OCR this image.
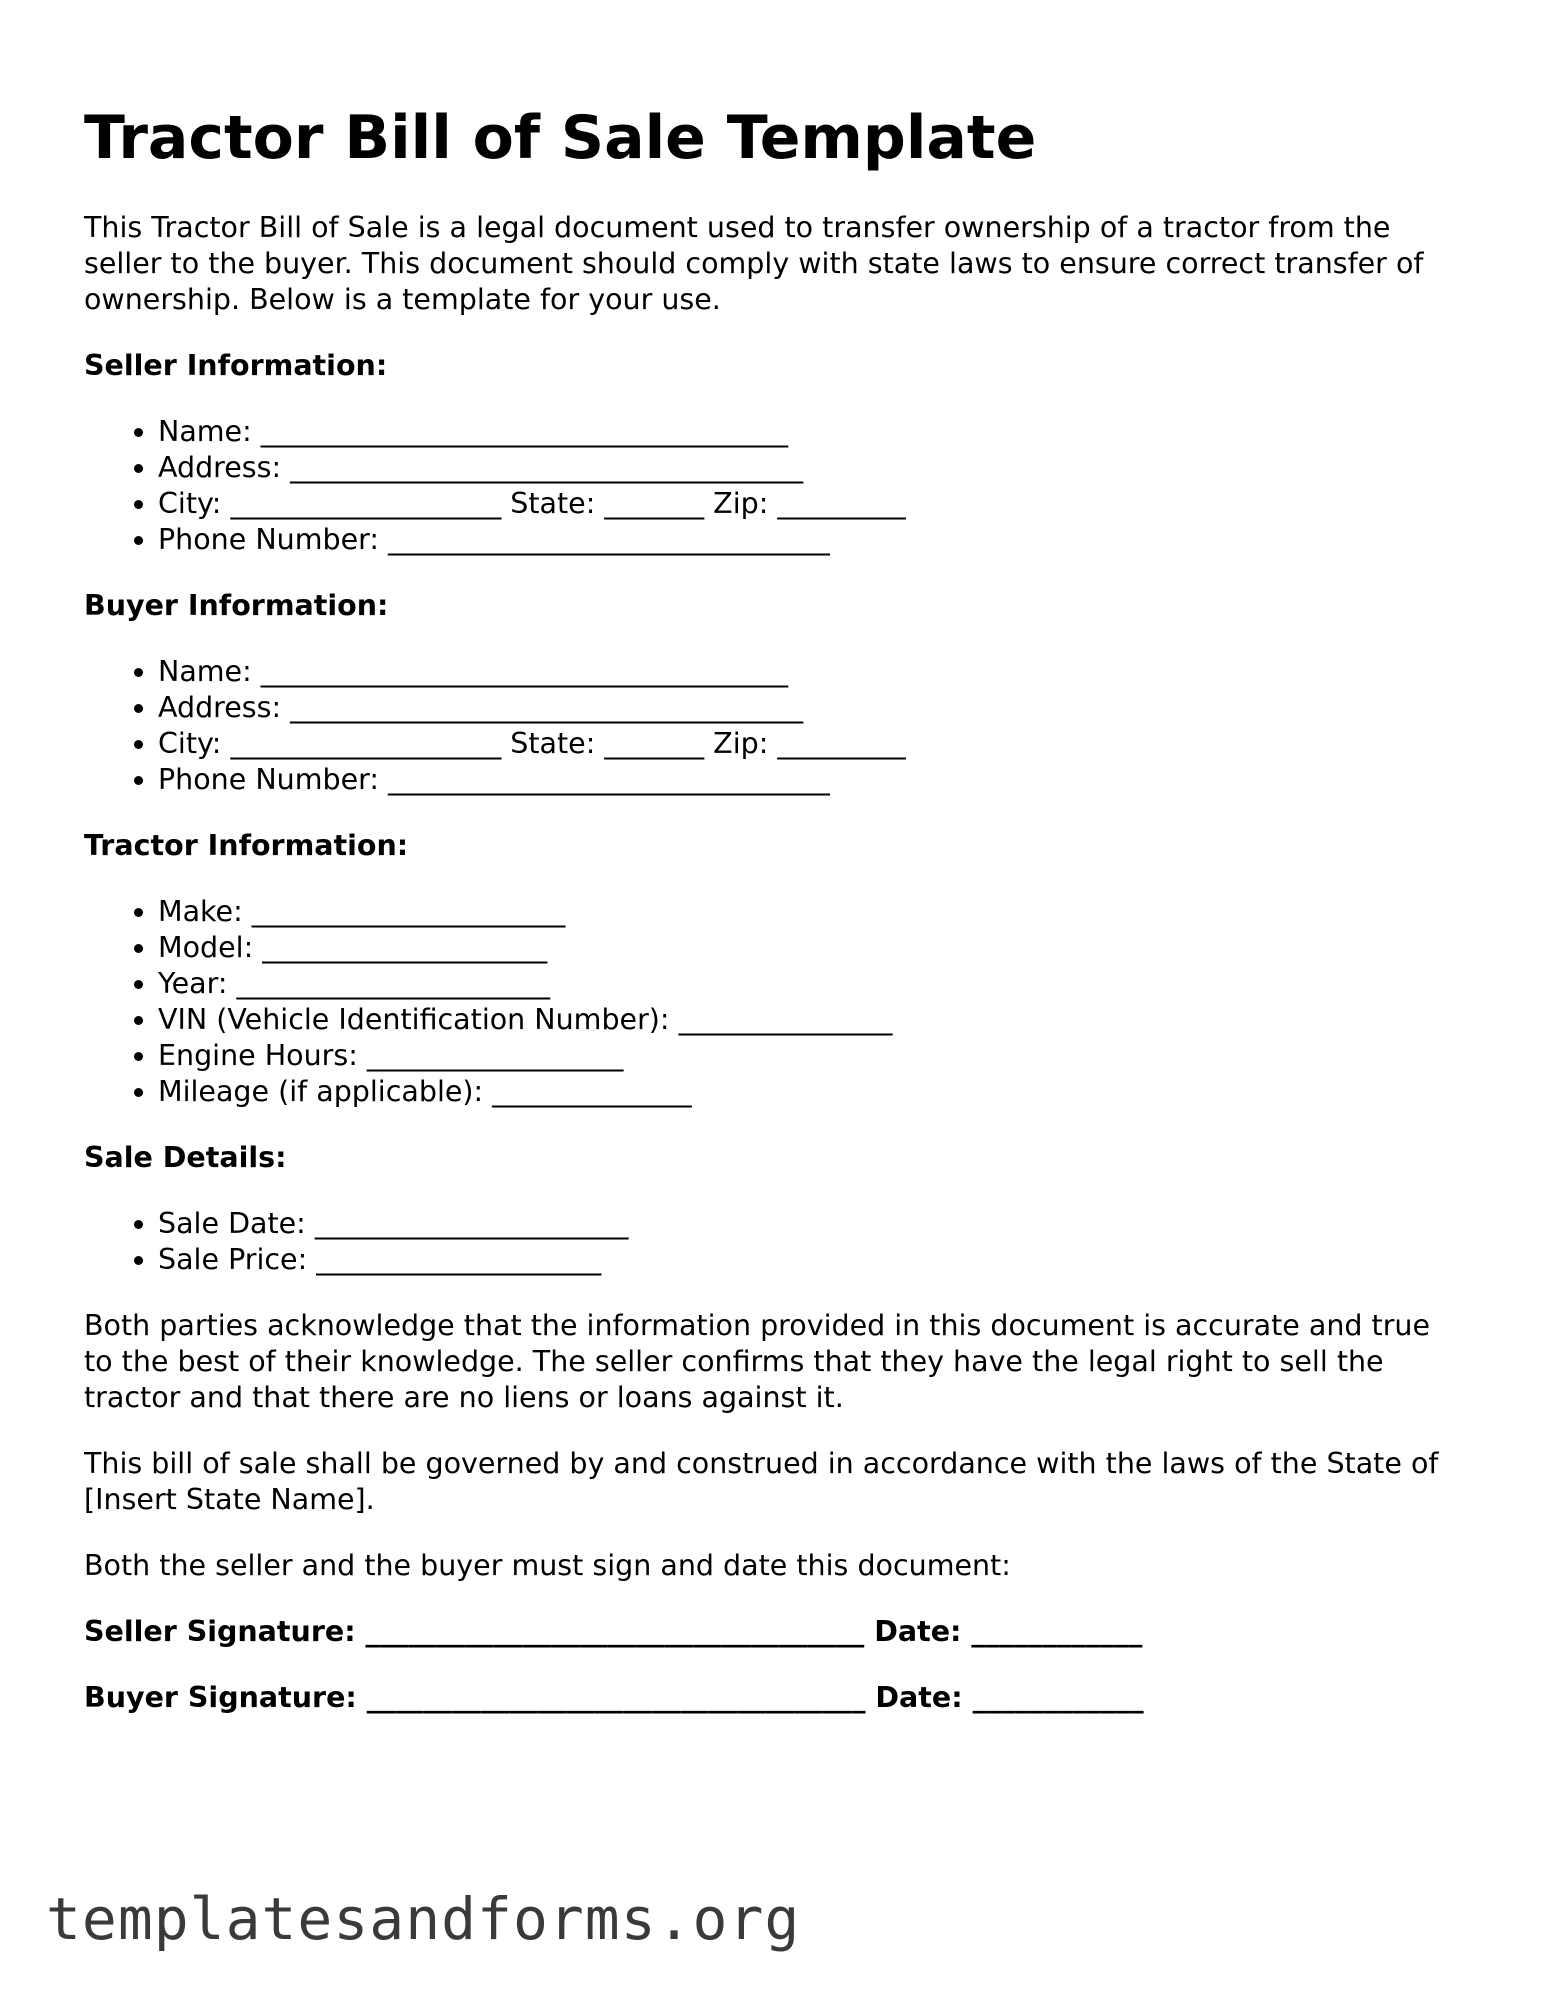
Tractor Bill of Sale Template

This Tractor Bill of Sale is a legal document used to transfer ownership of a tractor from the seller to the buyer. This document should comply with state laws to ensure correct transfer of ownership. Below is a template for your use.

Seller Information:
• Name: _____________________________________
• Address: ____________________________________
• City: ___________________ State: _______ Zip: _________
• Phone Number: _______________________________
Buyer Information:
• Name: _____________________________________
• Address: ____________________________________
• City: ___________________ State: _______ Zip: _________
• Phone Number: _______________________________
Tractor Information:
• Make: ______________________
• Model: ____________________
• Year: ______________________
• VIN (Vehicle Identification Number): _______________
• Engine Hours: __________________
• Mileage (if applicable): ______________
Sale Details:
• Sale Date: ______________________
• Sale Price: ____________________

Both parties acknowledge that the information provided in this document is accurate and true to the best of their knowledge. The seller confirms that they have the legal right to sell the tractor and that there are no liens or loans against it.

This bill of sale shall be governed by and construed in accordance with the laws of the State of [Insert State Name].

Both the seller and the buyer must sign and date this document:

Seller Signature: ___________________________________ Date: ____________
Buyer Signature: ___________________________________ Date: ____________
templatesandforms.org
